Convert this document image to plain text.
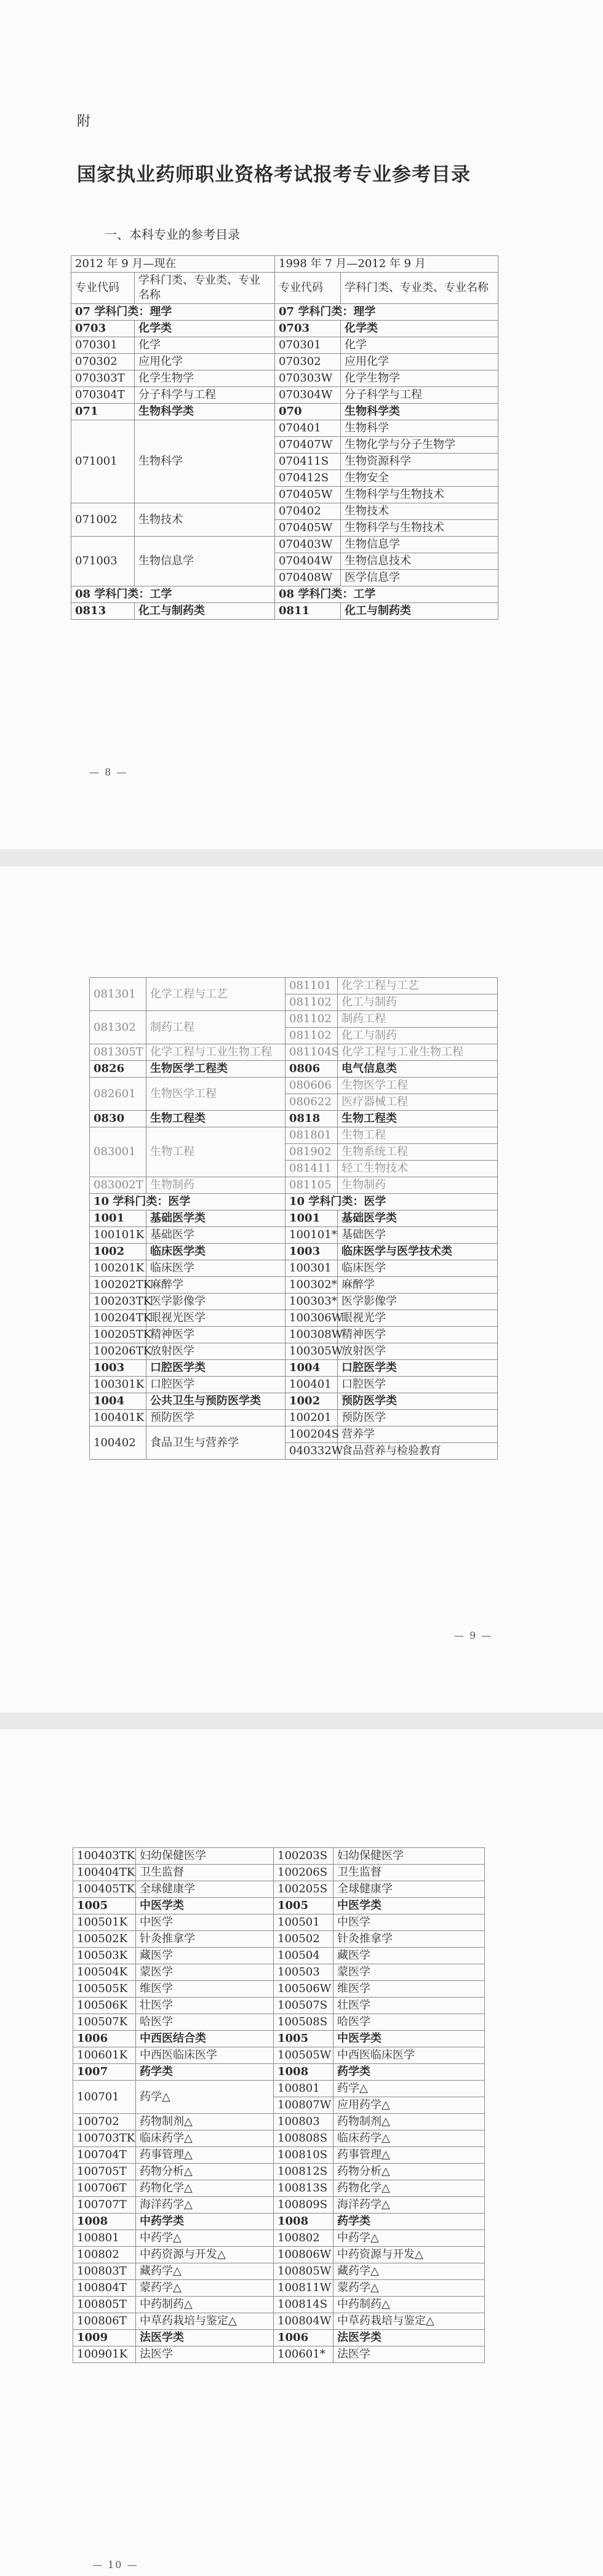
附
国家执业药师职业资格考试报考专业参考目录
一、本科专业的参考目录
2012 年 9 月—现在		1998 年 7 月—2012 年 9 月	
专业代码	学科门类、专业类、专业名称	专业代码	学科门类、专业类、专业名称
07 学科门类：理学		07 学科门类：理学	
0703	化学类	0703	化学类
070301	化学	070301	化学
070302	应用化学	070302	应用化学
070303T	化学生物学	070303W	化学生物学
070304T	分子科学与工程	070304W	分子科学与工程
071	生物科学类	070	生物科学类
071001	生物科学	070401	生物科学
		070407W	生物化学与分子生物学
		070411S	生物资源科学
		070412S	生物安全
		070405W	生物科学与生物技术
071002	生物技术	070402	生物技术
		070405W	生物科学与生物技术
071003	生物信息学	070403W	生物信息学
		070404W	生物信息技术
		070408W	医学信息学
08 学科门类：工学		08 学科门类：工学	
0813	化工与制药类	0811	化工与制药类
— 8 —
081301	化学工程与工艺	081101	化学工程与工艺
		081102	化工与制药
081302	制药工程	081102	制药工程
		081102	化工与制药
081305T	化学工程与工业生物工程	081104S	化学工程与工业生物工程
0826	生物医学工程类	0806	电气信息类
082601	生物医学工程	080606	生物医学工程
		080622	医疗器械工程
0830	生物工程类	0818	生物工程类
083001	生物工程	081801	生物工程
		081902	生物系统工程
		081411	轻工生物技术
083002T	生物制药	081105	生物制药
10 学科门类：医学		10 学科门类：医学	
1001	基础医学类	1001	基础医学类
100101K	基础医学	100101*	基础医学
1002	临床医学类	1003	临床医学与医学技术类
100201K	临床医学	100301	临床医学
100202TK	麻醉学	100302*	麻醉学
100203TK	医学影像学	100303*	医学影像学
100204TK	眼视光医学	100306W	眼视光学
100205TK	精神医学	100308W	精神医学
100206TK	放射医学	100305W	放射医学
1003	口腔医学类	1004	口腔医学类
100301K	口腔医学	100401	口腔医学
1004	公共卫生与预防医学类	1002	预防医学类
100401K	预防医学	100201	预防医学
100402	食品卫生与营养学	100204S	营养学
		040332W	食品营养与检验教育
— 9 —
100403TK	妇幼保健医学	100203S	妇幼保健医学
100404TK	卫生监督	100206S	卫生监督
100405TK	全球健康学	100205S	全球健康学
1005	中医学类	1005	中医学类
100501K	中医学	100501	中医学
100502K	针灸推拿学	100502	针灸推拿学
100503K	藏医学	100504	藏医学
100504K	蒙医学	100503	蒙医学
100505K	维医学	100506W	维医学
100506K	壮医学	100507S	壮医学
100507K	哈医学	100508S	哈医学
1006	中西医结合类	1005	中医学类
100601K	中西医临床医学	100505W	中西医临床医学
1007	药学类	1008	药学类
100701	药学△	100801	药学△
		100807W	应用药学△
100702	药物制剂△	100803	药物制剂△
100703TK	临床药学△	100808S	临床药学△
100704T	药事管理△	100810S	药事管理△
100705T	药物分析△	100812S	药物分析△
100706T	药物化学△	100813S	药物化学△
100707T	海洋药学△	100809S	海洋药学△
1008	中药学类	1008	药学类
100801	中药学△	100802	中药学△
100802	中药资源与开发△	100806W	中药资源与开发△
100803T	藏药学△	100805W	藏药学△
100804T	蒙药学△	100811W	蒙药学△
100805T	中药制药△	100814S	中药制药△
100806T	中草药栽培与鉴定△	100804W	中草药栽培与鉴定△
1009	法医学类	1006	法医学类
100901K	法医学	100601*	法医学
— 10 —
